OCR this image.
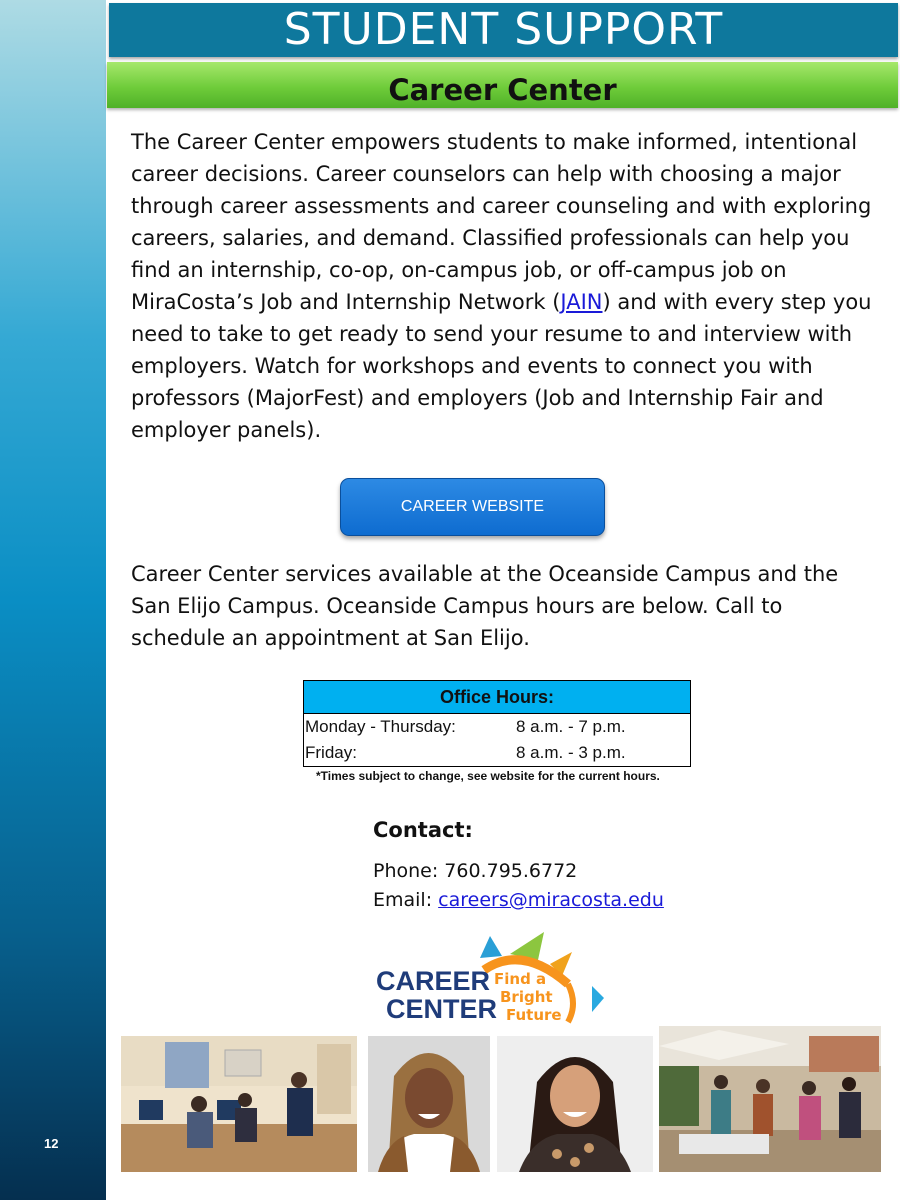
12
STUDENT SUPPORT
Career Center

The Career Center empowers students to make informed, intentional career decisions. Career counselors can help with choosing a major through career assessments and career counseling and with exploring careers, salaries, and demand. Classified professionals can help you find an internship, co-op, on-campus job, or off-campus job on MiraCosta’s Job and Internship Network (JAIN) and with every step you need to take to get ready to send your resume to and interview with employers. Watch for workshops and events to connect you with professors (MajorFest) and employers (Job and Internship Fair and employer panels).

CAREER WEBSITE

Career Center services available at the Oceanside Campus and the San Elijo Campus. Oceanside Campus hours are below. Call to schedule an appointment at San Elijo.

Office Hours:
Monday - Thursday:	8 a.m. - 7 p.m.
Friday:	8 a.m. - 3 p.m.
*Times subject to change, see website for the current hours.
Contact:
Phone: 760.795.6772
Email: careers@miracosta.edu
CAREER
CENTER
Find a
Bright
Future
